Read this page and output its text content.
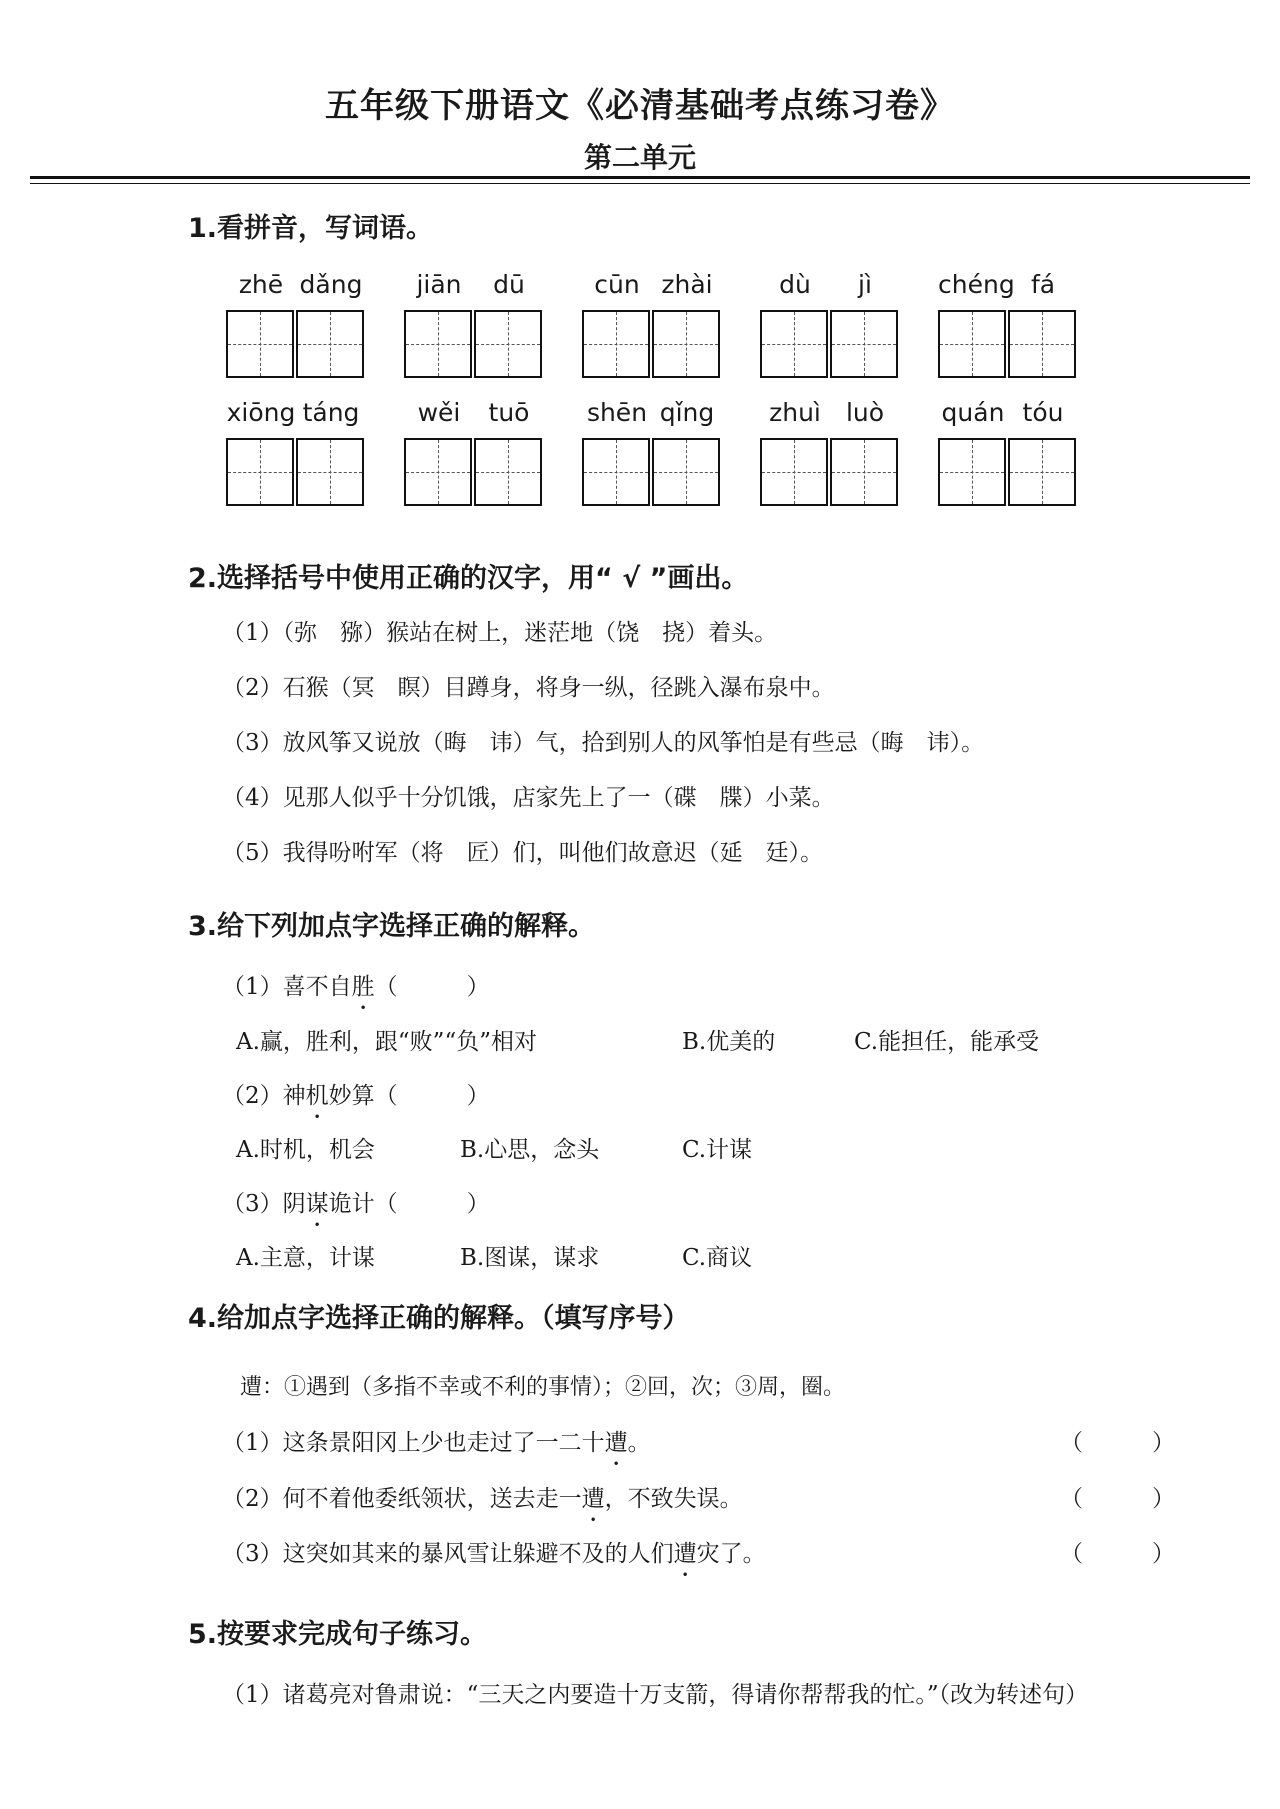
五年级下册语文《必清基础考点练习卷》
第二单元
1.看拼音，写词语。
zhē dǎng	jiān	dū	cūn zhài	dù	jì	chéng fá
xiōng táng	wěi	tuō	shēn qǐng	zhuì	luò	quán tóu
2.选择括号中使用正确的汉字，用“ √ ”画出。
（1）（弥　猕）猴站在树上，迷茫地（饶　挠）着头。
（2）石猴（冥　瞑）目蹲身，将身一纵，径跳入瀑布泉中。
（3）放风筝又说放（晦　讳）气，拾到别人的风筝怕是有些忌（晦　讳）。
（4）见那人似乎十分饥饿，店家先上了一（碟　牒）小菜。
（5）我得吩咐军（将　匠）们，叫他们故意迟（延　廷）。
3.给下列加点字选择正确的解释。
（1）喜不自胜（　　　）
A.赢，胜利，跟“败”“负”相对	B.优美的	C.能担任，能承受
（2）神机妙算（　　　）
A.时机，机会	B.心思，念头	C.计谋
（3）阴谋诡计（　　　）
A.主意，计谋	B.图谋，谋求	C.商议
4.给加点字选择正确的解释。（填写序号）
遭：①遇到（多指不幸或不利的事情）；②回，次；③周，圈。
（1）这条景阳冈上少也走过了一二十遭。	（　　　）
（2）何不着他委纸领状，送去走一遭，不致失误。	（　　　）
（3）这突如其来的暴风雪让躲避不及的人们遭灾了。	（　　　）
5.按要求完成句子练习。
（1）诸葛亮对鲁肃说：“三天之内要造十万支箭，得请你帮帮我的忙。”（改为转述句）
